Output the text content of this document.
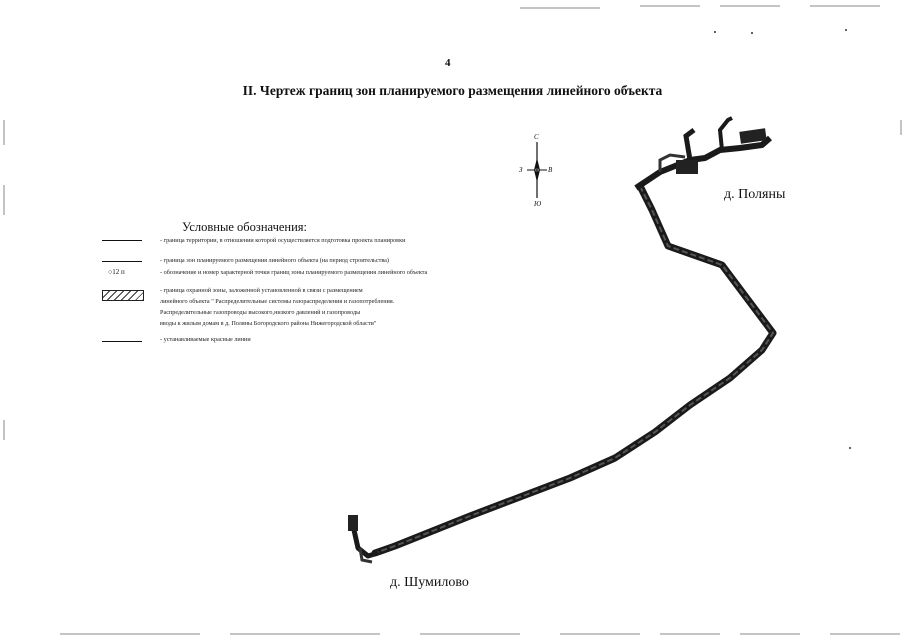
4
II. Чертеж границ зон планируемого размещения линейного объекта
С
Ю
З	В
д. Поляны
д. Шумилово
Условные обозначения:
- граница территории, в отношении которой осуществляется подготовка проекта планировки
- граница зон планируемого размещения линейного объекта (на период строительства)
○12 п	- обозначение и номер характерной точки границ зоны планируемого размещения линейного объекта
- граница охранной зоны, заложенной установленной в связи с размещением
линейного объекта " Распределительные системы газораспределения и газопотребления.
Распределительные газопроводы высокого,низкого давлений и газопроводы
вводы к жилым домам в д. Поляны Богородского района Нижегородской области"
- устанавливаемые красные линии
